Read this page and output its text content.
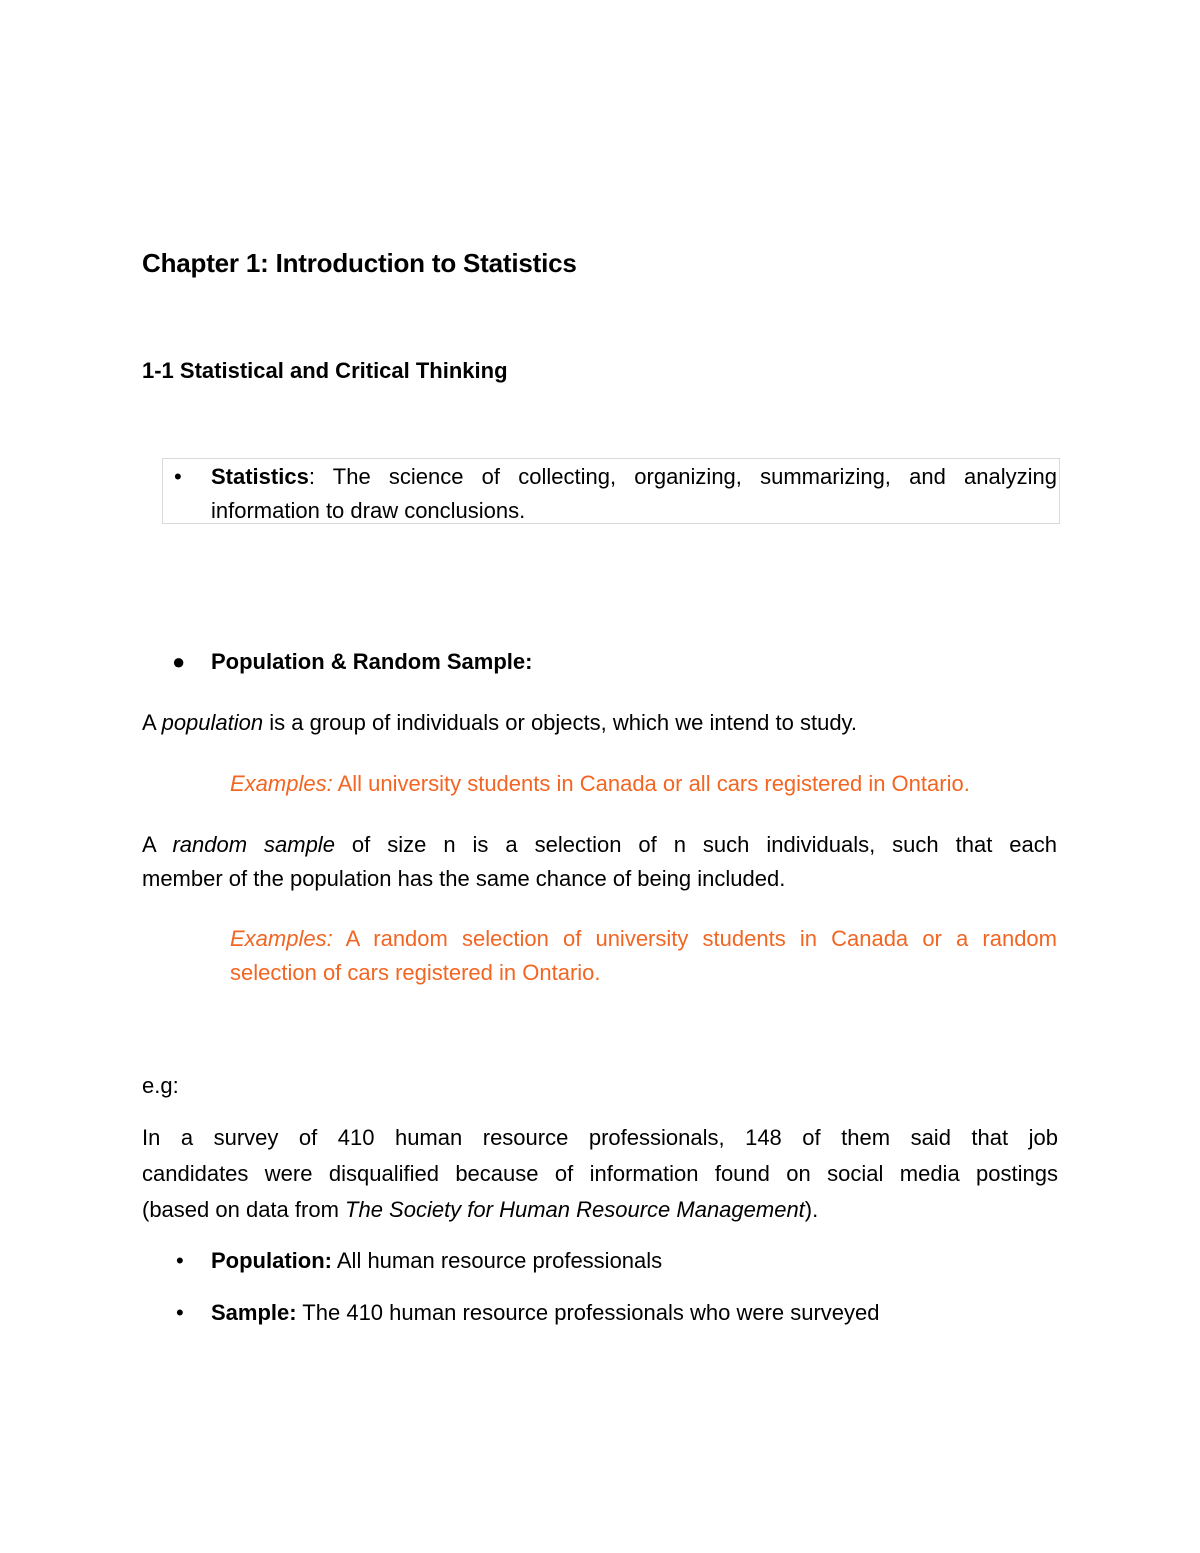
Chapter 1: Introduction to Statistics
1-1 Statistical and Critical Thinking
• Statistics: The science of collecting, organizing, summarizing, and analyzing
information to draw conclusions.
● Population & Random Sample:
A population is a group of individuals or objects, which we intend to study.
Examples: All university students in Canada or all cars registered in Ontario.
A random sample of size n is a selection of n such individuals, such that each
member of the population has the same chance of being included.
Examples: A random selection of university students in Canada or a random
selection of cars registered in Ontario.
e.g:
In a survey of 410 human resource professionals, 148 of them said that job
candidates were disqualified because of information found on social media postings
(based on data from The Society for Human Resource Management).
• Population: All human resource professionals
• Sample: The 410 human resource professionals who were surveyed
